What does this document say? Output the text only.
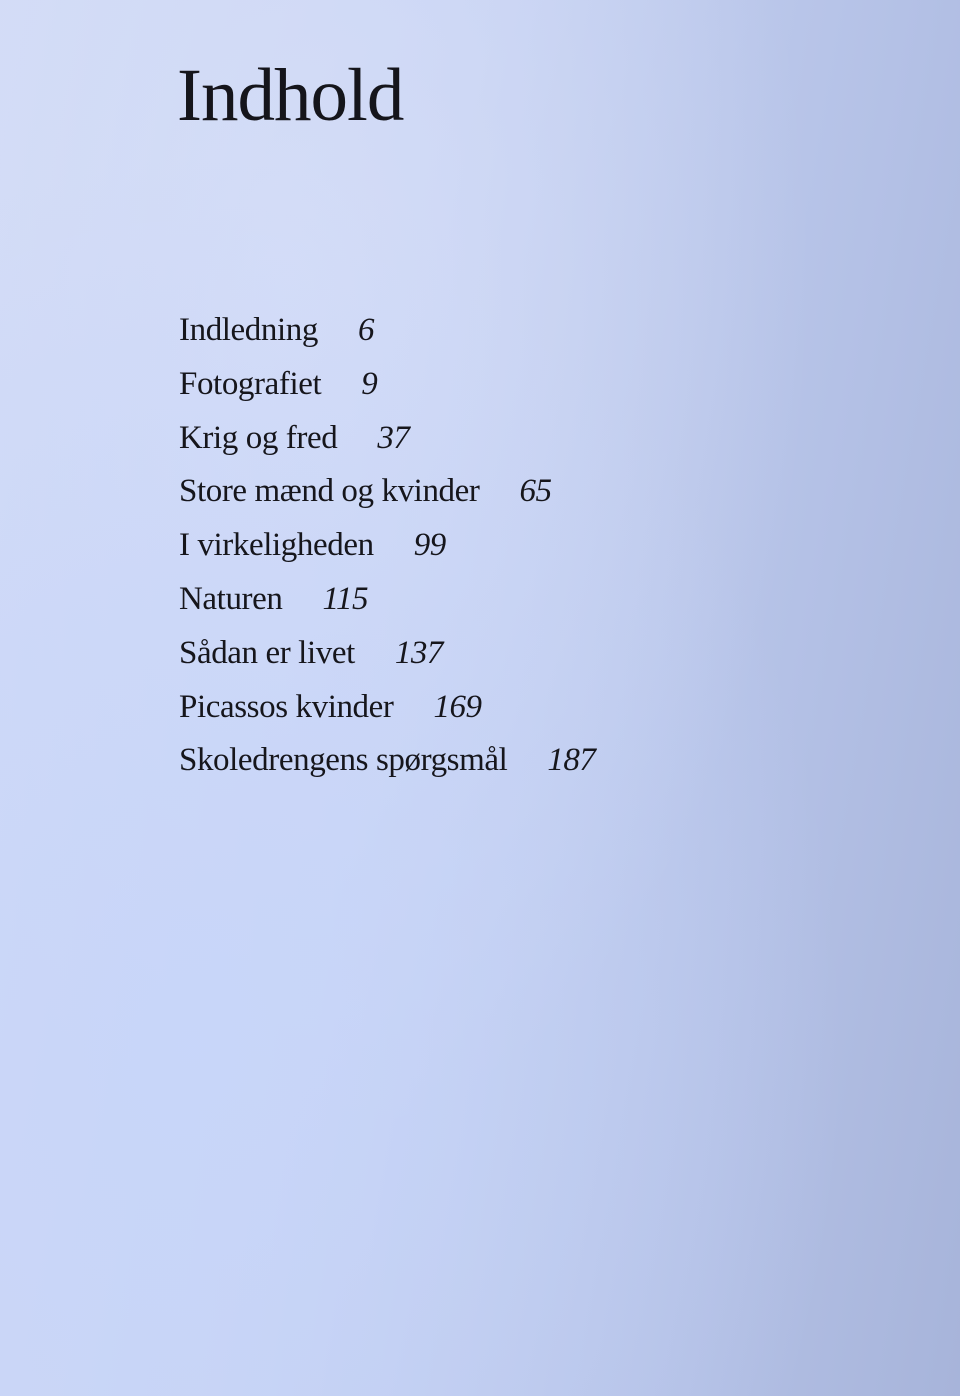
Indhold
Indledning 6
Fotografiet 9
Krig og fred 37
Store mænd og kvinder 65
I virkeligheden 99
Naturen 115
Sådan er livet 137
Picassos kvinder 169
Skoledrengens spørgsmål 187
